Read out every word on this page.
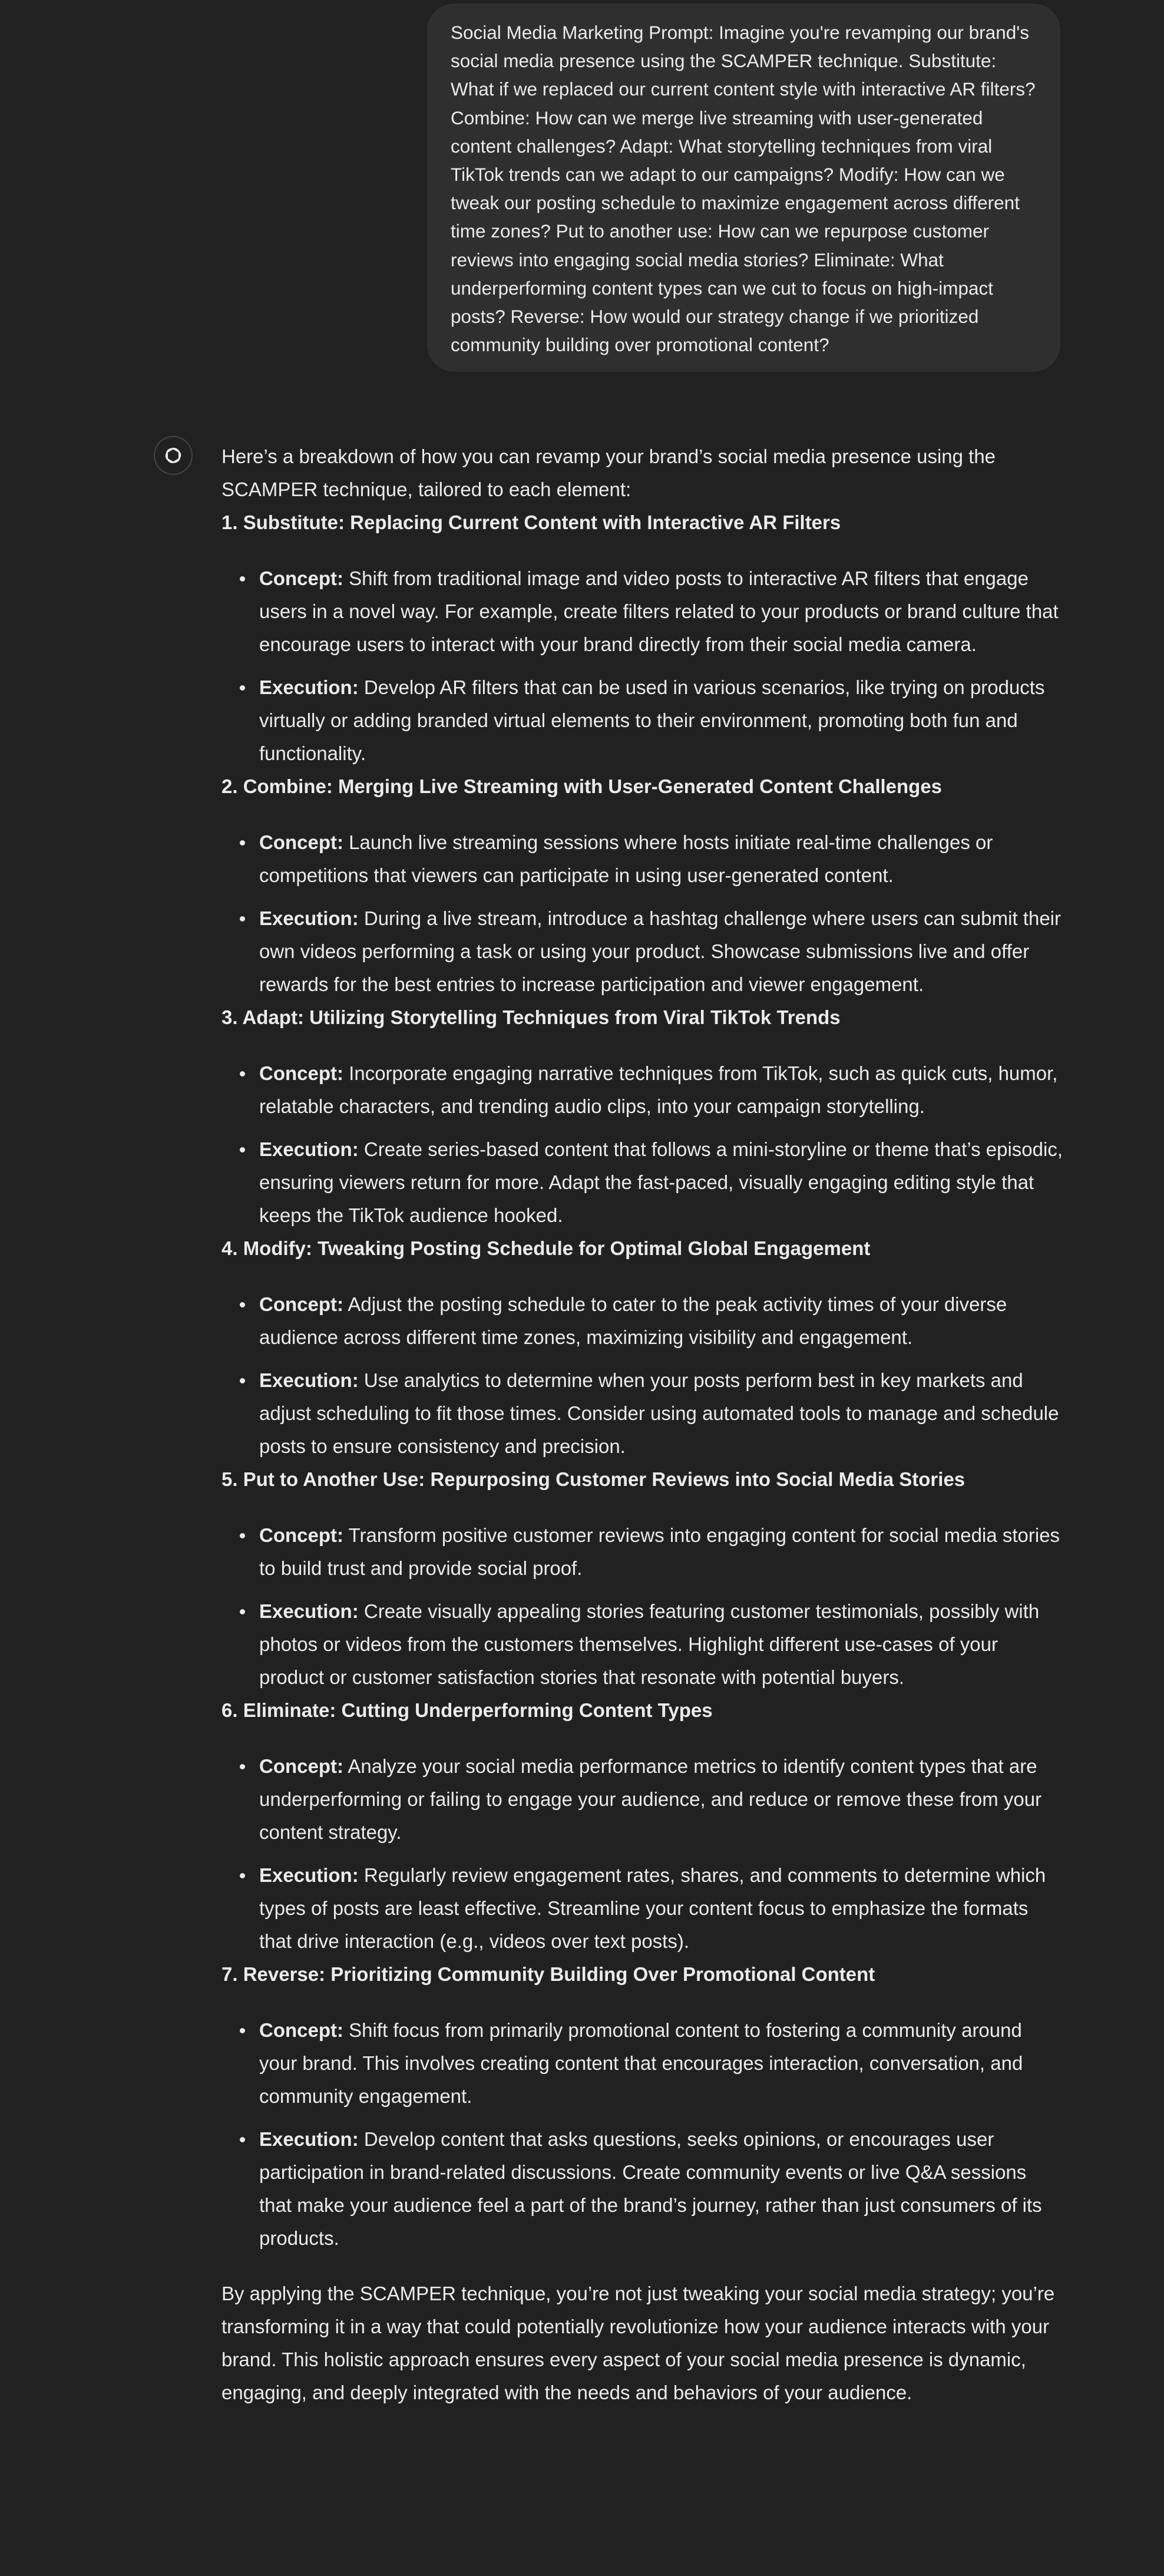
Social Media Marketing Prompt: Imagine you're revamping our brand's social media presence using the SCAMPER technique. Substitute: What if we replaced our current content style with interactive AR filters? Combine: How can we merge live streaming with user-generated content challenges? Adapt: What storytelling techniques from viral TikTok trends can we adapt to our campaigns? Modify: How can we tweak our posting schedule to maximize engagement across different time zones? Put to another use: How can we repurpose customer reviews into engaging social media stories? Eliminate: What underperforming content types can we cut to focus on high-impact posts? Reverse: How would our strategy change if we prioritized community building over promotional content?

Here’s a breakdown of how you can revamp your brand’s social media presence using the SCAMPER technique, tailored to each element:

1. Substitute: Replacing Current Content with Interactive AR Filters

Concept: Shift from traditional image and video posts to interactive AR filters that engage users in a novel way. For example, create filters related to your products or brand culture that encourage users to interact with your brand directly from their social media camera.
Execution: Develop AR filters that can be used in various scenarios, like trying on products virtually or adding branded virtual elements to their environment, promoting both fun and functionality.

2. Combine: Merging Live Streaming with User-Generated Content Challenges

Concept: Launch live streaming sessions where hosts initiate real-time challenges or competitions that viewers can participate in using user-generated content.
Execution: During a live stream, introduce a hashtag challenge where users can submit their own videos performing a task or using your product. Showcase submissions live and offer rewards for the best entries to increase participation and viewer engagement.

3. Adapt: Utilizing Storytelling Techniques from Viral TikTok Trends

Concept: Incorporate engaging narrative techniques from TikTok, such as quick cuts, humor, relatable characters, and trending audio clips, into your campaign storytelling.
Execution: Create series-based content that follows a mini-storyline or theme that’s episodic, ensuring viewers return for more. Adapt the fast-paced, visually engaging editing style that keeps the TikTok audience hooked.

4. Modify: Tweaking Posting Schedule for Optimal Global Engagement

Concept: Adjust the posting schedule to cater to the peak activity times of your diverse audience across different time zones, maximizing visibility and engagement.
Execution: Use analytics to determine when your posts perform best in key markets and adjust scheduling to fit those times. Consider using automated tools to manage and schedule posts to ensure consistency and precision.

5. Put to Another Use: Repurposing Customer Reviews into Social Media Stories

Concept: Transform positive customer reviews into engaging content for social media stories to build trust and provide social proof.
Execution: Create visually appealing stories featuring customer testimonials, possibly with photos or videos from the customers themselves. Highlight different use-cases of your product or customer satisfaction stories that resonate with potential buyers.

6. Eliminate: Cutting Underperforming Content Types

Concept: Analyze your social media performance metrics to identify content types that are underperforming or failing to engage your audience, and reduce or remove these from your content strategy.
Execution: Regularly review engagement rates, shares, and comments to determine which types of posts are least effective. Streamline your content focus to emphasize the formats that drive interaction (e.g., videos over text posts).

7. Reverse: Prioritizing Community Building Over Promotional Content

Concept: Shift focus from primarily promotional content to fostering a community around your brand. This involves creating content that encourages interaction, conversation, and community engagement.
Execution: Develop content that asks questions, seeks opinions, or encourages user participation in brand-related discussions. Create community events or live Q&A sessions that make your audience feel a part of the brand’s journey, rather than just consumers of its products.

By applying the SCAMPER technique, you’re not just tweaking your social media strategy; you’re transforming it in a way that could potentially revolutionize how your audience interacts with your brand. This holistic approach ensures every aspect of your social media presence is dynamic, engaging, and deeply integrated with the needs and behaviors of your audience.
